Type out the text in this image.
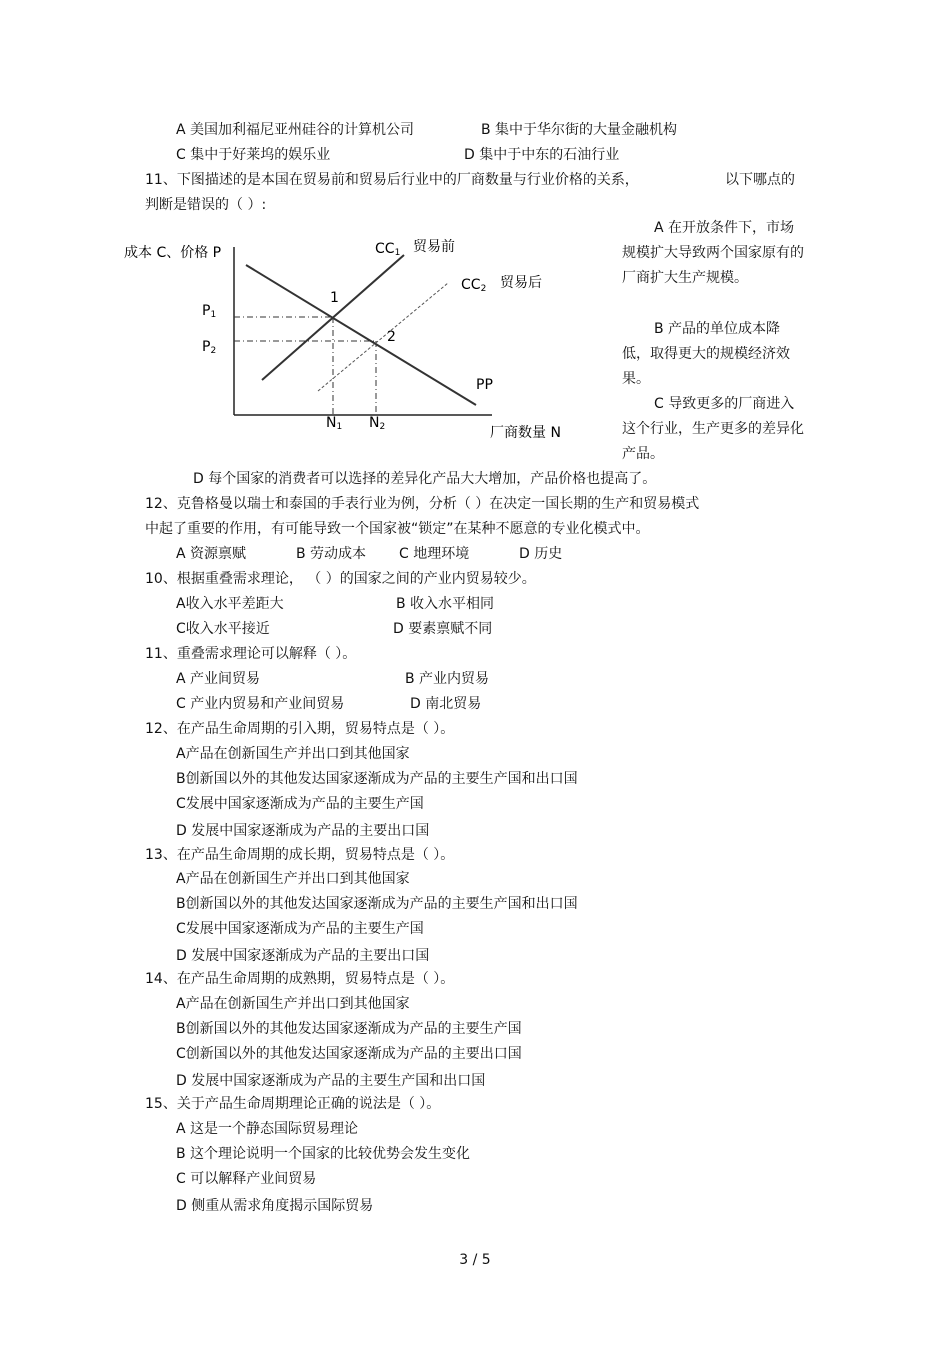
A 美国加利福尼亚州硅谷的计算机公司	B 集中于华尔街的大量金融机构
C 集中于好莱坞的娱乐业	D 集中于中东的石油行业
11、下图描述的是本国在贸易前和贸易后行业中的厂商数量与行业价格的关系，	以下哪点的
判断是错误的（ ）:
成本 C、价格 P
厂商数量 N
CC1 贸易前
CC2 贸易后
PP
1
2
P1
P2
N1 N2

A 在开放条件下，市场规模扩大导致两个国家原有的厂商扩大生产规模。

B 产品的单位成本降低，取得更大的规模经济效果。

C 导致更多的厂商进入这个行业，生产更多的差异化产品。

D 每个国家的消费者可以选择的差异化产品大大增加，产品价格也提高了。
12、克鲁格曼以瑞士和泰国的手表行业为例，分析（ ）在决定一国长期的生产和贸易模式
中起了重要的作用，有可能导致一个国家被“锁定”在某种不愿意的专业化模式中。
A 资源禀赋	B 劳动成本 C 地理环境	D 历史
10、根据重叠需求理论， （ ）的国家之间的产业内贸易较少。
A收入水平差距大	B 收入水平相同
C收入水平接近	D 要素禀赋不同
11、重叠需求理论可以解释（ ）。
A 产业间贸易	B 产业内贸易
C 产业内贸易和产业间贸易	D 南北贸易
12、在产品生命周期的引入期，贸易特点是（ ）。
A产品在创新国生产并出口到其他国家
B创新国以外的其他发达国家逐渐成为产品的主要生产国和出口国
C发展中国家逐渐成为产品的主要生产国
D 发展中国家逐渐成为产品的主要出口国
13、在产品生命周期的成长期，贸易特点是（ ）。
A产品在创新国生产并出口到其他国家
B创新国以外的其他发达国家逐渐成为产品的主要生产国和出口国
C发展中国家逐渐成为产品的主要生产国
D 发展中国家逐渐成为产品的主要出口国
14、在产品生命周期的成熟期，贸易特点是（ ）。
A产品在创新国生产并出口到其他国家
B创新国以外的其他发达国家逐渐成为产品的主要生产国
C创新国以外的其他发达国家逐渐成为产品的主要出口国
D 发展中国家逐渐成为产品的主要生产国和出口国
15、关于产品生命周期理论正确的说法是（ ）。
A 这是一个静态国际贸易理论
B 这个理论说明一个国家的比较优势会发生变化
C 可以解释产业间贸易
D 侧重从需求角度揭示国际贸易
3 / 5
